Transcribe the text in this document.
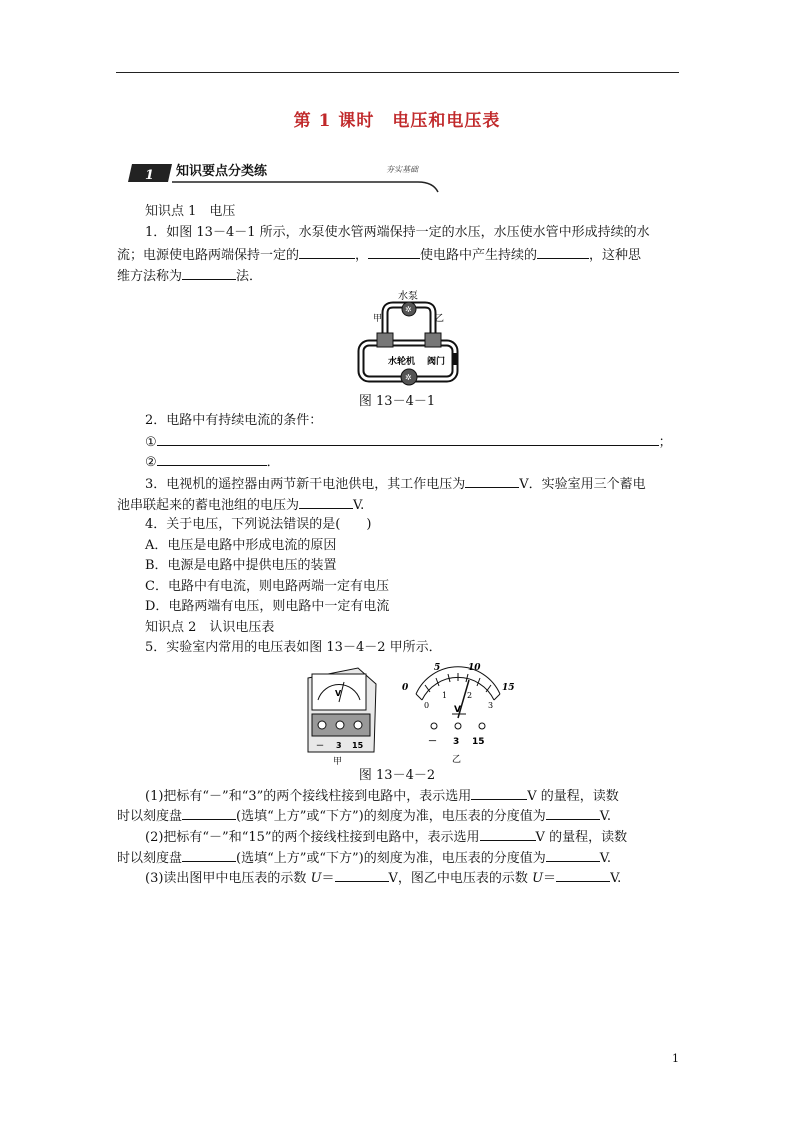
第 1 课时　电压和电压表
1 知识要点分类练	夯实基础
知识点 1　电压
1．如图 13－4－1 所示，水泵使水管两端保持一定的水压，水压使水管中形成持续的水
流；电源使电路两端保持一定的	，	使电路中产生持续的	，这种思
维方法称为	法．
水泵
✲
甲	乙
水轮机 阀门
✲
图 13－4－1
2．电路中有持续电流的条件：
①	；
②	．
3．电视机的遥控器由两节新干电池供电，其工作电压为	V．实验室用三个蓄电
池串联起来的蓄电池组的电压为	V.
4．关于电压，下列说法错误的是(　　)
A．电压是电路中形成电流的原因
B．电源是电路中提供电压的装置
C．电路中有电流，则电路两端一定有电压
D．电路两端有电压，则电路中一定有电流
知识点 2　认识电压表
5．实验室内常用的电压表如图 13－4－2 甲所示．
V
－ 3 15
甲
0
5	10
15
0
1 2
3
V
－ 3 15
乙
图 13－4－2
(1)把标有“－”和“3”的两个接线柱接到电路中，表示选用	V 的量程，读数
时以刻度盘	(选填“上方”或“下方”)的刻度为准，电压表的分度值为	V.
(2)把标有“－”和“15”的两个接线柱接到电路中，表示选用	V 的量程，读数
时以刻度盘	(选填“上方”或“下方”)的刻度为准，电压表的分度值为	V.
(3)读出图甲中电压表的示数 U＝	V，图乙中电压表的示数 U＝	V.
1
